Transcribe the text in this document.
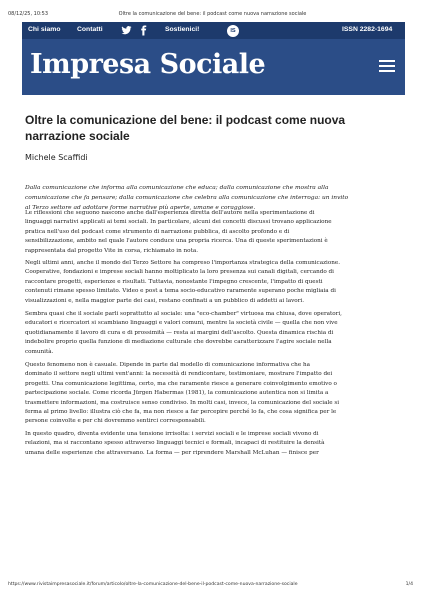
08/12/25, 10:53	Oltre la comunicazione del bene: il podcast come nuova narrazione sociale
Chi siamo Contatti	Sostienici!	IS	ISSN 2282-1694
Impresa Sociale
Oltre la comunicazione del bene: il podcast come nuova
narrazione sociale
Michele Scaffidi

Dalla comunicazione che informa alla comunicazione che educa; dalla comunicazione che mostra alla

comunicazione che fa pensare; dalla comunicazione che celebra alla comunicazione che interroga: un invito

al Terzo settore ad adottare forme narrative più aperte, umane e coraggiose.

Le riflessioni che seguono nascono anche dall'esperienza diretta dell'autore nella sperimentazione di

linguaggi narrativi applicati ai temi sociali. In particolare, alcuni dei concetti discussi trovano applicazione

pratica nell'uso del podcast come strumento di narrazione pubblica, di ascolto profondo e di

sensibilizzazione, ambito nel quale l'autore conduce una propria ricerca. Una di queste sperimentazioni è

rappresentata dal progetto Vite in corsa, richiamato in nota.

Negli ultimi anni, anche il mondo del Terzo Settore ha compreso l'importanza strategica della comunicazione.

Cooperative, fondazioni e imprese sociali hanno moltiplicato la loro presenza sui canali digitali, cercando di

raccontare progetti, esperienze e risultati. Tuttavia, nonostante l'impegno crescente, l'impatto di questi

contenuti rimane spesso limitato. Video e post a tema socio-educativo raramente superano poche migliaia di

visualizzazioni e, nella maggior parte dei casi, restano confinati a un pubblico di addetti ai lavori.

Sembra quasi che il sociale parli soprattutto al sociale: una "eco-chamber" virtuosa ma chiusa, dove operatori,

educatori e ricercatori si scambiano linguaggi e valori comuni, mentre la società civile — quella che non vive

quotidianamente il lavoro di cura e di prossimità — resta ai margini dell'ascolto. Questa dinamica rischia di

indebolire proprio quella funzione di mediazione culturale che dovrebbe caratterizzare l'agire sociale nella

comunità.

Questo fenomeno non è casuale. Dipende in parte dal modello di comunicazione informativa che ha

dominato il settore negli ultimi vent'anni: la necessità di rendicontare, testimoniare, mostrare l'impatto dei

progetti. Una comunicazione legittima, certo, ma che raramente riesce a generare coinvolgimento emotivo o

partecipazione sociale. Come ricorda Jürgen Habermas (1981), la comunicazione autentica non si limita a

trasmettere informazioni, ma costruisce senso condiviso. In molti casi, invece, la comunicazione del sociale si

ferma al primo livello: illustra ciò che fa, ma non riesce a far percepire perché lo fa, che cosa significa per le

persone coinvolte e per chi dovremmo sentirci corresponsabili.

In questo quadro, diventa evidente una tensione irrisolta: i servizi sociali e le imprese sociali vivono di

relazioni, ma si raccontano spesso attraverso linguaggi tecnici e formali, incapaci di restituire la densità

umana delle esperienze che attraversano. La forma — per riprendere Marshall McLuhan — finisce per

https://www.rivistaimpresasociale.it/forum/articolo/oltre-la-comunicazione-del-bene-il-podcast-come-nuova-narrazione-sociale	1/4
